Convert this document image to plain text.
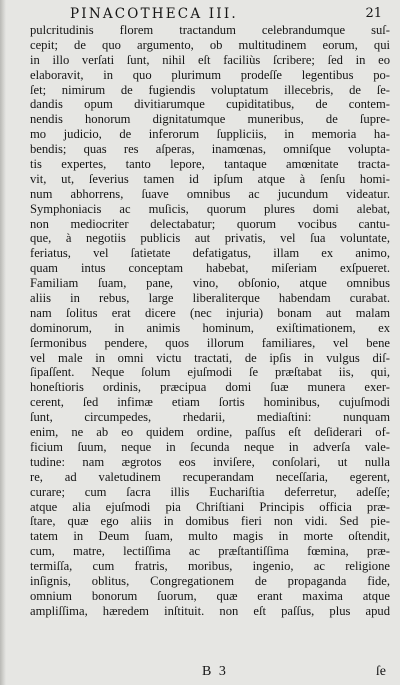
PINACOTHECA III.	21
pulcritudinis florem tractandum celebrandumque suſ-
cepit; de quo argumento, ob multitudinem eorum, qui
in illo verſati ſunt, nihil eſt faciliùs ſcribere; ſed in eo
elaboravit, in quo plurimum prodeſſe legentibus po-
ſet; nimirum de fugiendis voluptatum illecebris, de ſe-
dandis opum divitiarumque cupiditatibus, de contem-
nendis honorum dignitatumque muneribus, de ſupre-
mo judicio, de inferorum ſuppliciis, in memoria ha-
bendis; quas res aſperas, inamœnas, omniſque volupta-
tis expertes, tanto lepore, tantaque amœnitate tracta-
vit, ut, ſeverius tamen id ipſum atque à ſenſu homi-
num abhorrens, ſuave omnibus ac jucundum videatur.
Symphoniacis ac muſicis, quorum plures domi alebat,
non mediocriter delectabatur; quorum vocibus cantu-
que, à negotiis publicis aut privatis, vel ſua voluntate,
feriatus, vel ſatietate defatigatus, illam ex animo,
quam intus conceptam habebat, miſeriam exſpueret.
Familiam ſuam, pane, vino, obſonio, atque omnibus
aliis in rebus, large liberaliterque habendam curabat.
nam ſolitus erat dicere (nec injuria) bonam aut malam
dominorum, in animis hominum, exiſtimationem, ex
ſermonibus pendere, quos illorum familiares, vel bene
vel male in omni victu tractati, de ipſis in vulgus diſ-
ſipaſſent. Neque ſolum ejuſmodi ſe præſtabat iis, qui,
honeſtioris ordinis, præcipua domi ſuæ munera exer-
cerent, ſed infimæ etiam ſortis hominibus, cujuſmodi
ſunt, circumpedes, rhedarii, mediaſtini: nunquam
enim, ne ab eo quidem ordine, paſſus eſt deſiderari of-
ficium ſuum, neque in ſecunda neque in adverſa vale-
tudine: nam ægrotos eos inviſere, conſolari, ut nulla
re, ad valetudinem recuperandam neceſſaria, egerent,
curare; cum ſacra illis Euchariſtia deferretur, adeſſe;
atque alia ejuſmodi pia Chriſtiani Principis officia præ-
ſtare, quæ ego aliis in domibus fieri non vidi. Sed pie-
tatem in Deum ſuam, multo magis in morte oſtendit,
cum, matre, lectiſſima ac præſtantiſſima fœmina, præ-
termiſſa, cum fratris, moribus, ingenio, ac religione
inſignis, oblitus, Congregationem de propaganda fide,
omnium bonorum ſuorum, quæ erant maxima atque
ampliſſima, hæredem inſtituit. non eſt paſſus, plus apud
B 3	ſe
